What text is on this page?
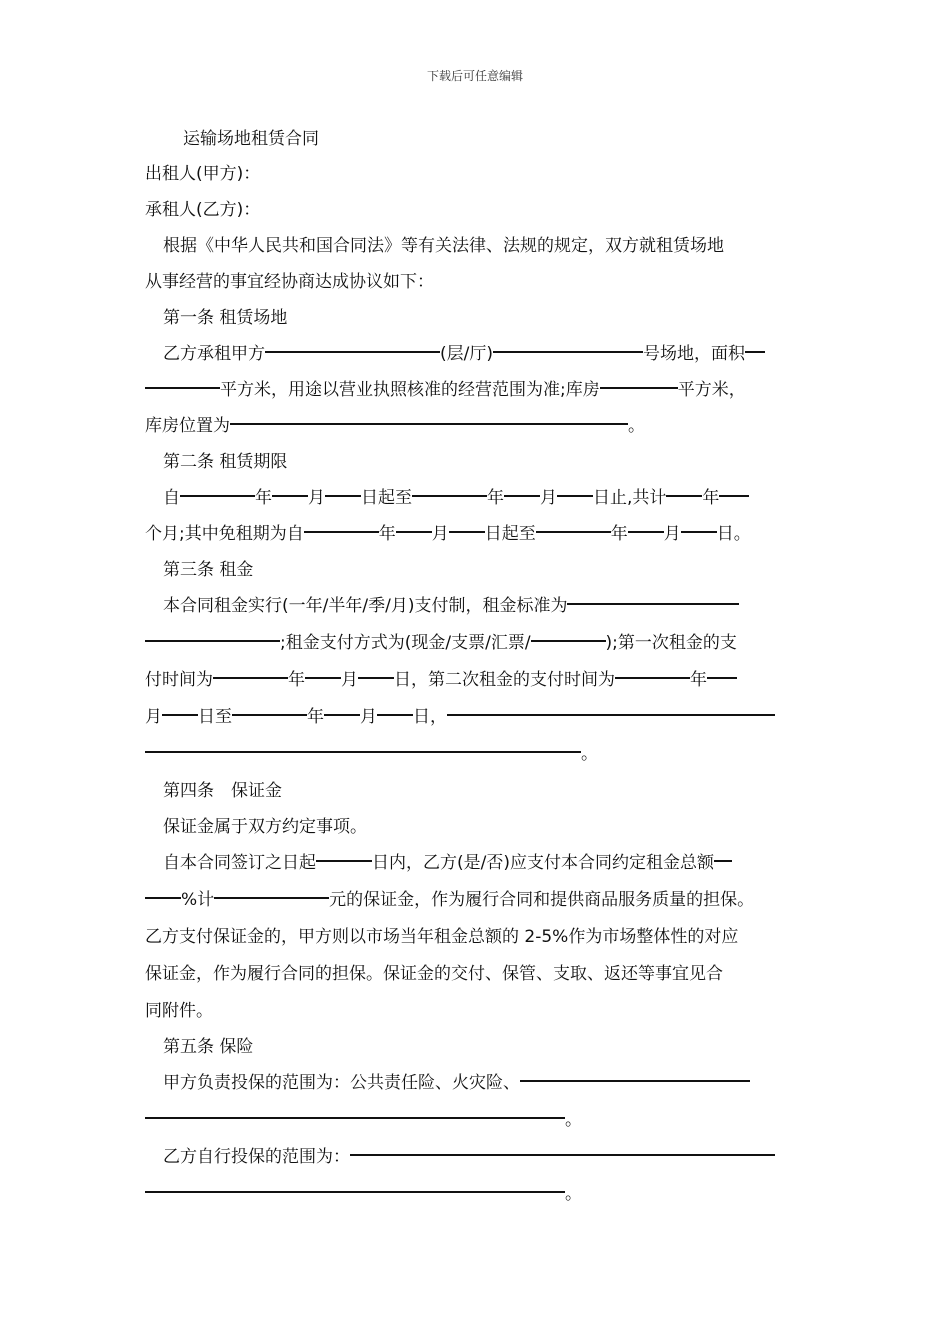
下载后可任意编辑
运输场地租赁合同
出租人(甲方)：
承租人(乙方)：
根据《中华人民共和国合同法》等有关法律、法规的规定，双方就租赁场地
从事经营的事宜经协商达成协议如下：
第一条 租赁场地
乙方承租甲方	(层/厅)	号场地，面积
平方米，用途以营业执照核准的经营范围为准;库房	平方米，
库房位置为	。
第二条 租赁期限
自	年 月 日起至	年 月 日止,共计 年
个月;其中免租期为自	年 月 日起至	年 月 日。
第三条 租金
本合同租金实行(一年/半年/季/月)支付制，租金标准为
;租金支付方式为(现金/支票/汇票/	);第一次租金的支
付时间为	年 月 日，第二次租金的支付时间为	年
月 日至	年 月 日，
。
第四条　保证金
保证金属于双方约定事项。
自本合同签订之日起	日内，乙方(是/否)应支付本合同约定租金总额
%计	元的保证金，作为履行合同和提供商品服务质量的担保。
乙方支付保证金的，甲方则以市场当年租金总额的 2-5%作为市场整体性的对应
保证金，作为履行合同的担保。保证金的交付、保管、支取、返还等事宜见合
同附件。
第五条 保险
甲方负责投保的范围为：公共责任险、火灾险、
。
乙方自行投保的范围为：
。
